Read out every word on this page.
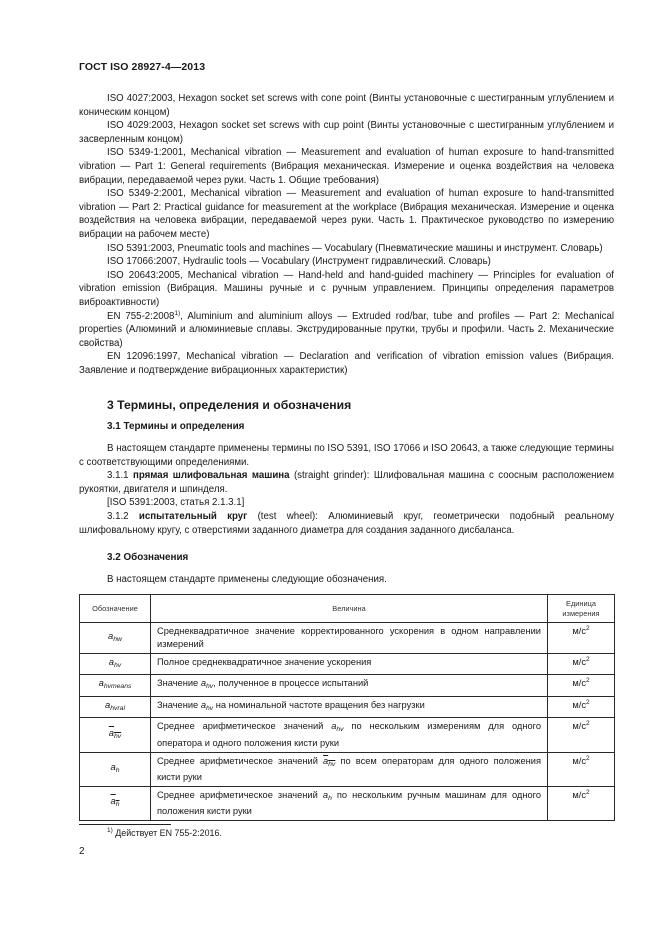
ГОСТ ISO 28927-4—2013

ISO 4027:2003, Hexagon socket set screws with cone point (Винты установочные с шестигранным углублением и коническим концом)

ISO 4029:2003, Hexagon socket set screws with cup point (Винты установочные с шестигранным углублением и засверленным концом)

ISO 5349-1:2001, Mechanical vibration — Measurement and evaluation of human exposure to hand-transmitted vibration — Part 1: General requirements (Вибрация механическая. Измерение и оценка воздействия на человека вибрации, передаваемой через руки. Часть 1. Общие требования)

ISO 5349-2:2001, Mechanical vibration — Measurement and evaluation of human exposure to hand-transmitted vibration — Part 2: Practical guidance for measurement at the workplace (Вибрация механическая. Измерение и оценка воздействия на человека вибрации, передаваемой через руки. Часть 1. Практическое руководство по измерению вибрации на рабочем месте)

ISO 5391:2003, Pneumatic tools and machines — Vocabulary (Пневматические машины и инструмент. Словарь)

ISO 17066:2007, Hydraulic tools — Vocabulary (Инструмент гидравлический. Словарь)

ISO 20643:2005, Mechanical vibration — Hand-held and hand-guided machinery — Principles for evaluation of vibration emission (Вибрация. Машины ручные и с ручным управлением. Принципы определения параметров виброактивности)

EN 755-2:2008$^{1)}$, Aluminium and aluminium alloys — Extruded rod/bar, tube and profiles — Part 2: Mechanical properties (Алюминий и алюминиевые сплавы. Экструдированные прутки, трубы и профили. Часть 2. Механические свойства)

EN 12096:1997, Mechanical vibration — Declaration and verification of vibration emission values (Вибрация. Заявление и подтверждение вибрационных характеристик)

3 Термины, определения и обозначения
3.1 Термины и определения

В настоящем стандарте применены термины по ISO 5391, ISO 17066 и ISO 20643, а также следующие термины с соответствующими определениями.

3.1.1 прямая шлифовальная машина (straight grinder): Шлифовальная машина с соосным расположением рукоятки, двигателя и шпинделя.

[ISO 5391:2003, статья 2.1.3.1]

3.1.2 испытательный круг (test wheel): Алюминиевый круг, геометрически подобный реальному шлифовальному кругу, с отверстиями заданного диаметра для создания заданного дисбаланса.

3.2 Обозначения

В настоящем стандарте применены следующие обозначения.

Обозначение	Величина	Единица измерения
$a_{hw}$	Среднеквадратичное значение корректированного ускорения в одном направлении измерений	$м/с^2$
$a_{hv}$	Полное среднеквадратичное значение ускорения	$м/с^2$
$a_{hvmeans}$	Значение $a_{hv}$, полученное в процессе испытаний	$м/с^2$
$a_{hvral}$	Значение $a_{hv}$ на номинальной частоте вращения без нагрузки	$м/с^2$
$a_{hv}$	Среднее арифметическое значений $a_{hv}$ по нескольким измерениям для одного оператора и одного положения кисти руки	$м/с^2$
$a_h$	Среднее арифметическое значений $a_{hv}$ по всем операторам для одного положения кисти руки	$м/с^2$
$a_h$	Среднее арифметическое значений $a_h$ по нескольким ручным машинам для одного положения кисти руки	$м/с^2$
$^{1)}$ Действует EN 755-2:2016.
2
